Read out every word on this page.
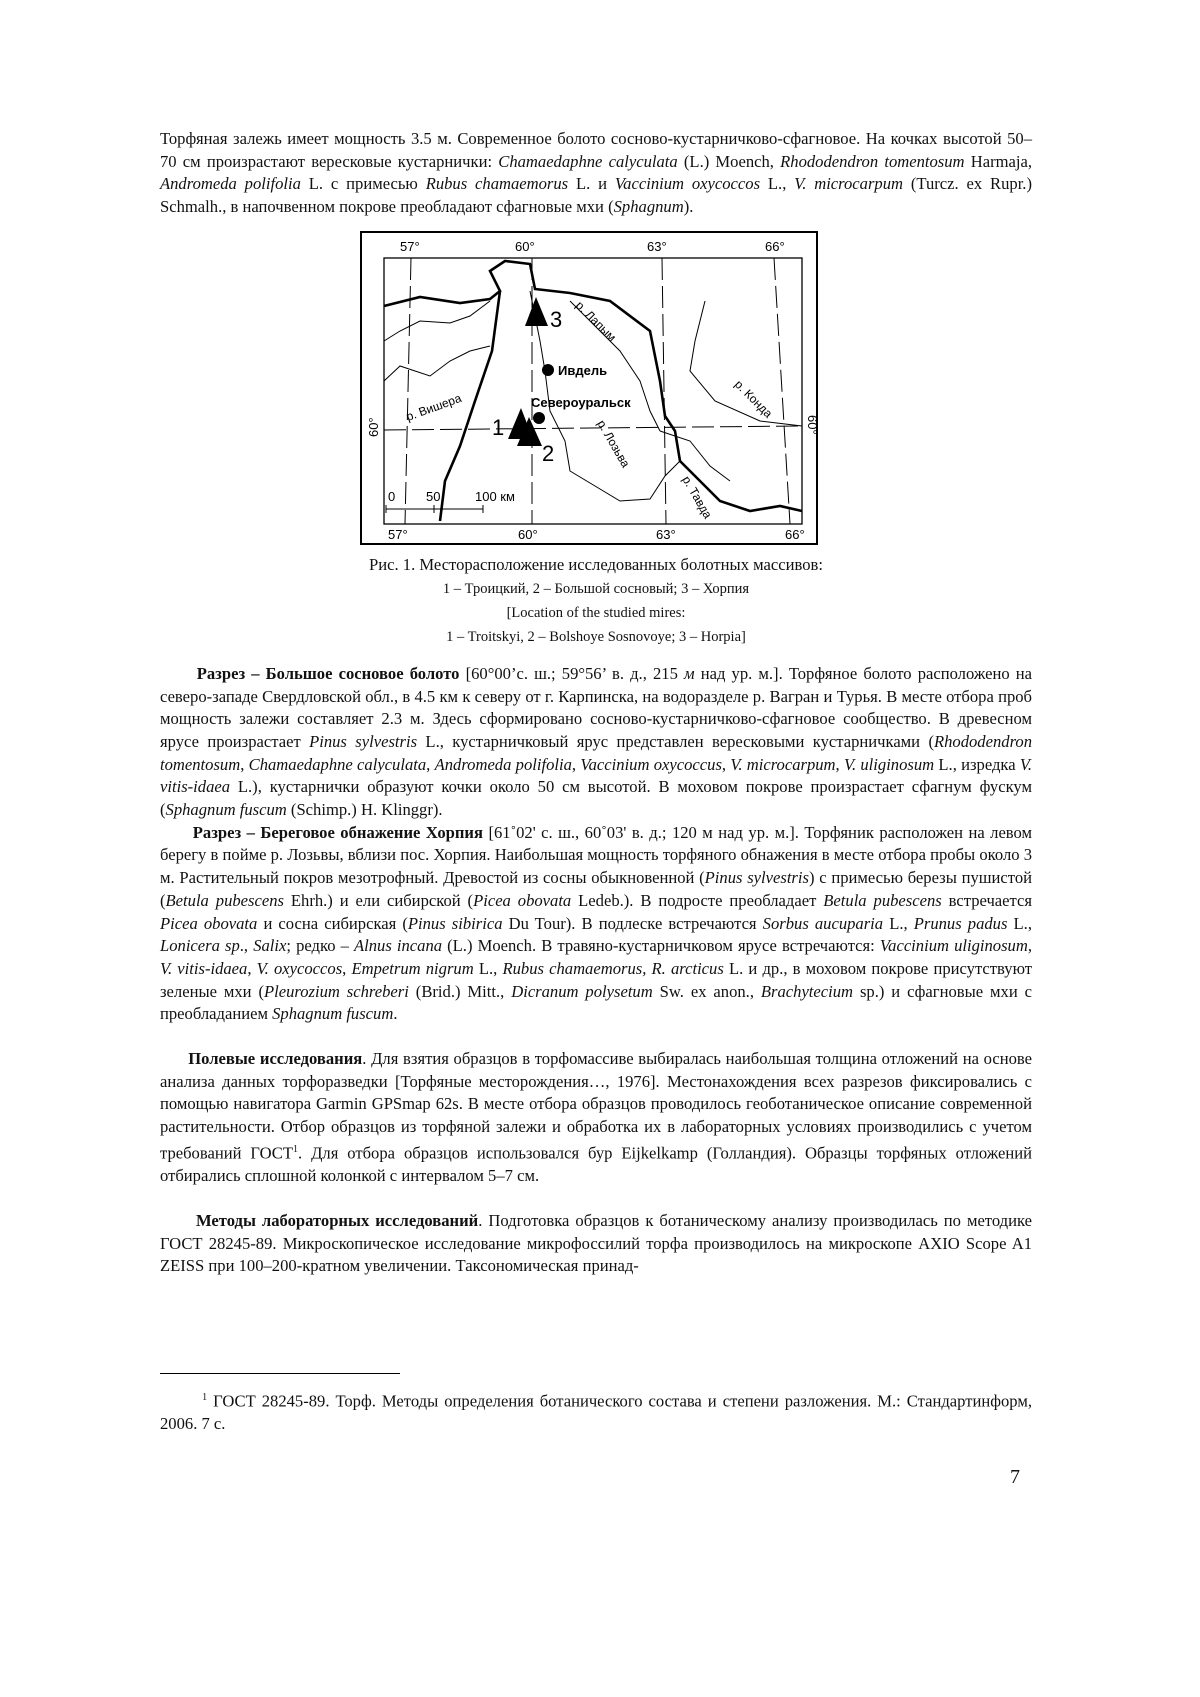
Торфяная залежь имеет мощность 3.5 м. Современное болото сосново-кустарничково-сфагновое. На кочках высотой 50–70 см произрастают вересковые кустарнички: Chamaedaphne calyculata (L.) Moench, Rhododendron tomentosum Harmaja, Andromeda polifolia L. с примесью Rubus chamaemorus L. и Vaccinium oxycoccos L., V. microcarpum (Turcz. ex Rupr.) Schmalh., в напочвенном покрове преобладают сфагновые мхи (Sphagnum).

57°	60°	63°	66°
57°	60°	63°	66°
60°	60°
р. Лапым
р. Конда
р. Вишера
р. Лозьва
р. Тавда
Ивдель
Североуральск
1
2
3
0 50	100 км
Рис. 1. Месторасположение исследованных болотных массивов:
1 – Троицкий, 2 – Большой сосновый; 3 – Хорпия
[Location of the studied mires:
1 – Troitskyi, 2 – Bolshoye Sosnovoye; 3 – Horpia]

Разрез – Большое сосновое болото [60°00’с. ш.; 59°56’ в. д., 215 м над ур. м.]. Торфяное болото расположено на северо-западе Свердловской обл., в 4.5 км к северу от г. Карпинска, на водоразделе р. Вагран и Турья. В месте отбора проб мощность залежи составляет 2.3 м. Здесь сформировано сосново-кустарничково-сфагновое сообщество. В древесном ярусе произрастает Pinus sylvestris L., кустарничковый ярус представлен вересковыми кустарничками (Rhododendron tomentosum, Chamaedaphne calyculata, Andromeda polifolia, Vaccinium oxycoccus, V. microcarpum, V. uliginosum L., изредка V. vitis-idaea L.), кустарнички образуют кочки около 50 см высотой. В моховом покрове произрастает сфагнум фускум (Sphagnum fuscum (Schimp.) H. Klinggr).

Разрез – Береговое обнажение Хорпия [61˚02' с. ш., 60˚03' в. д.; 120 м над ур. м.]. Торфяник расположен на левом берегу в пойме р. Лозьвы, вблизи пос. Хорпия. Наибольшая мощность торфяного обнажения в месте отбора пробы около 3 м. Растительный покров мезотрофный. Древостой из сосны обыкновенной (Pinus sylvestris) с примесью березы пушистой (Betula pubescens Ehrh.) и ели сибирской (Picea obovata Ledeb.). В подросте преобладает Betula pubescens встречается Picea obovata и сосна сибирская (Pinus sibirica Du Tour). В подлеске встречаются Sorbus aucuparia L., Prunus padus L., Lonicera sp., Salix; редко – Alnus incana (L.) Moench. В травяно-кустарничковом ярусе встречаются: Vaccinium uliginosum, V. vitis-idaea, V. oxycoccos, Empetrum nigrum L., Rubus chamaemorus, R. arcticus L. и др., в моховом покрове присутствуют зеленые мхи (Pleurozium schreberi (Brid.) Mitt., Dicranum polysetum Sw. ex anon., Brachytecium sp.) и сфагновые мхи с преобладанием Sphagnum fuscum.

Полевые исследования. Для взятия образцов в торфомассиве выбиралась наибольшая толщина отложений на основе анализа данных торфоразведки [Торфяные месторождения…, 1976]. Местонахождения всех разрезов фиксировались с помощью навигатора Garmin GPSmap 62s. В месте отбора образцов проводилось геоботаническое описание современной растительности. Отбор образцов из торфяной залежи и обработка их в лабораторных условиях производились с учетом требований ГОСТ$^1$. Для отбора образцов использовался бур Eijkelkamp (Голландия). Образцы торфяных отложений отбирались сплошной колонкой с интервалом 5–7 см.

Методы лабораторных исследований. Подготовка образцов к ботаническому анализу производилась по методике ГОСТ 28245-89. Микроскопическое исследование микрофоссилий торфа производилось на микроскопе AXIO Scope A1 ZEISS при 100–200-кратном увеличении. Таксономическая принад-

$^1$ ГОСТ 28245-89. Торф. Методы определения ботанического состава и степени разложения. М.: Стандартинформ, 2006. 7 с.
7
